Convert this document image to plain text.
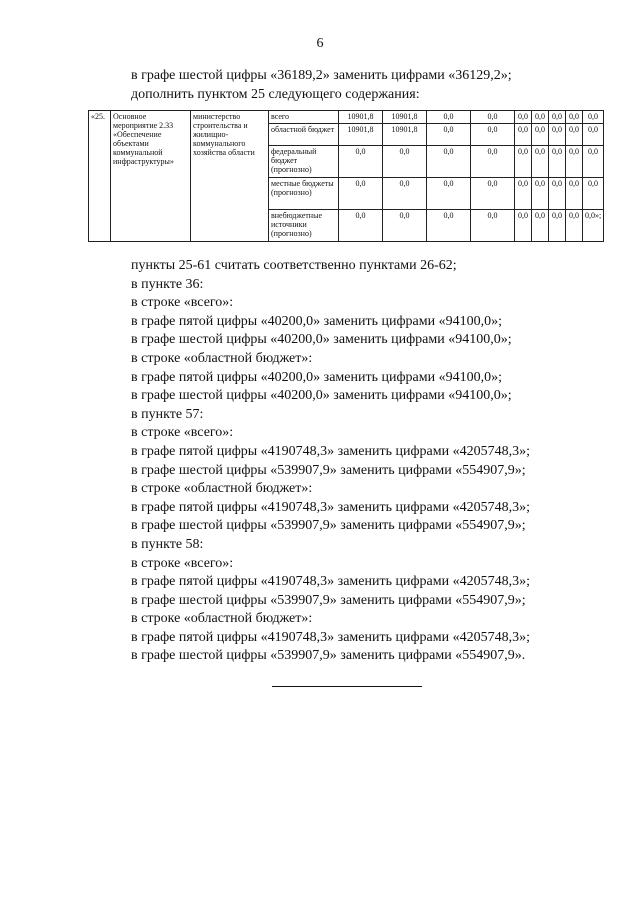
6
в графе шестой цифры «36189,2» заменить цифрами «36129,2»;
дополнить пунктом 25 следующего содержания:
«25.	Основное мероприятие 2.33 «Обеспечение объектами коммунальной инфраструктуры»	министерство строительства и жилищно-коммунального хозяйства области	всего	10901,8	10901,8	0,0	0,0	0,0	0,0	0,0	0,0	0,0
			областной бюджет	10901,8	10901,8	0,0	0,0	0,0	0,0	0,0	0,0	0,0
			федеральный бюджет (прогнозно)	0,0	0,0	0,0	0,0	0,0	0,0	0,0	0,0	0,0
			местные бюджеты (прогнозно)	0,0	0,0	0,0	0,0	0,0	0,0	0,0	0,0	0,0
			внебюджетные источники (прогнозно)	0,0	0,0	0,0	0,0	0,0	0,0	0,0	0,0	0,0»;
пункты 25-61 считать соответственно пунктами 26-62;
в пункте 36:
в строке «всего»:
в графе пятой цифры «40200,0» заменить цифрами «94100,0»;
в графе шестой цифры «40200,0» заменить цифрами «94100,0»;
в строке «областной бюджет»:
в графе пятой цифры «40200,0» заменить цифрами «94100,0»;
в графе шестой цифры «40200,0» заменить цифрами «94100,0»;
в пункте 57:
в строке «всего»:
в графе пятой цифры «4190748,3» заменить цифрами «4205748,3»;
в графе шестой цифры «539907,9» заменить цифрами «554907,9»;
в строке «областной бюджет»:
в графе пятой цифры «4190748,3» заменить цифрами «4205748,3»;
в графе шестой цифры «539907,9» заменить цифрами «554907,9»;
в пункте 58:
в строке «всего»:
в графе пятой цифры «4190748,3» заменить цифрами «4205748,3»;
в графе шестой цифры «539907,9» заменить цифрами «554907,9»;
в строке «областной бюджет»:
в графе пятой цифры «4190748,3» заменить цифрами «4205748,3»;
в графе шестой цифры «539907,9» заменить цифрами «554907,9».
